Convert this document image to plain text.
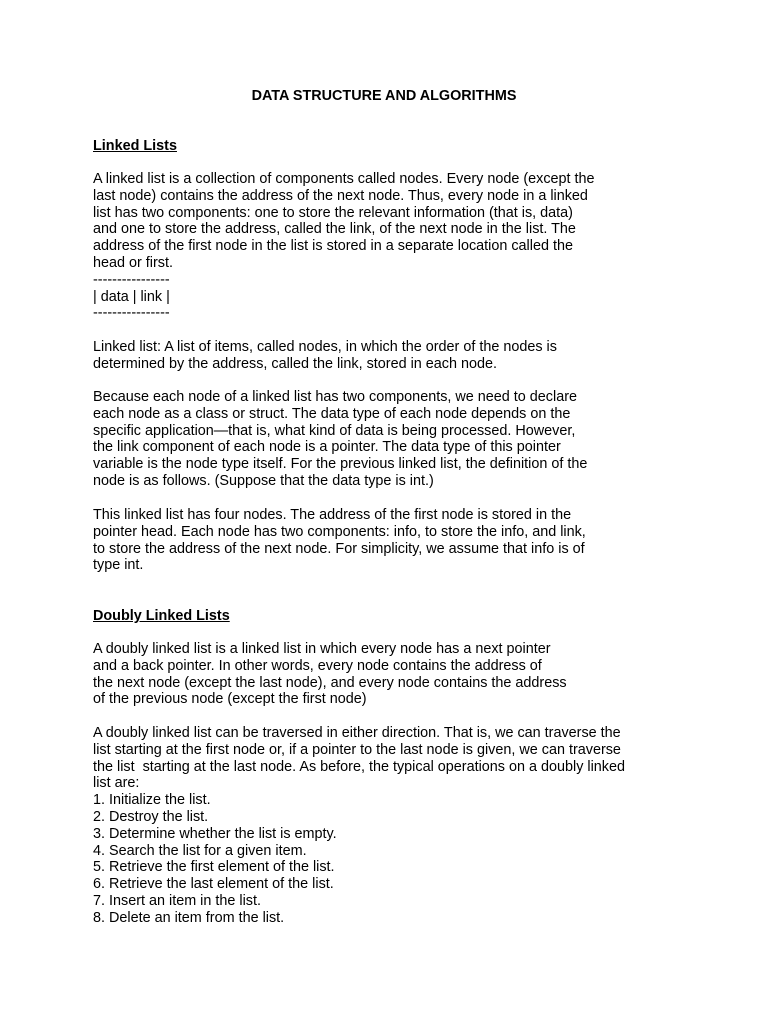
DATA STRUCTURE AND ALGORITHMS
Linked Lists
A linked list is a collection of components called nodes. Every node (except the
last node) contains the address of the next node. Thus, every node in a linked
list has two components: one to store the relevant information (that is, data)
and one to store the address, called the link, of the next node in the list. The
address of the first node in the list is stored in a separate location called the
head or first.
----------------
| data | link |
----------------
Linked list: A list of items, called nodes, in which the order of the nodes is
determined by the address, called the link, stored in each node.
Because each node of a linked list has two components, we need to declare
each node as a class or struct. The data type of each node depends on the
specific application—that is, what kind of data is being processed. However,
the link component of each node is a pointer. The data type of this pointer
variable is the node type itself. For the previous linked list, the definition of the
node is as follows. (Suppose that the data type is int.)
This linked list has four nodes. The address of the first node is stored in the
pointer head. Each node has two components: info, to store the info, and link,
to store the address of the next node. For simplicity, we assume that info is of
type int.
Doubly Linked Lists
A doubly linked list is a linked list in which every node has a next pointer
and a back pointer. In other words, every node contains the address of
the next node (except the last node), and every node contains the address
of the previous node (except the first node)
A doubly linked list can be traversed in either direction. That is, we can traverse the
list starting at the first node or, if a pointer to the last node is given, we can traverse
the list  starting at the last node. As before, the typical operations on a doubly linked
list are:
1. Initialize the list.
2. Destroy the list.
3. Determine whether the list is empty.
4. Search the list for a given item.
5. Retrieve the first element of the list.
6. Retrieve the last element of the list.
7. Insert an item in the list.
8. Delete an item from the list.
